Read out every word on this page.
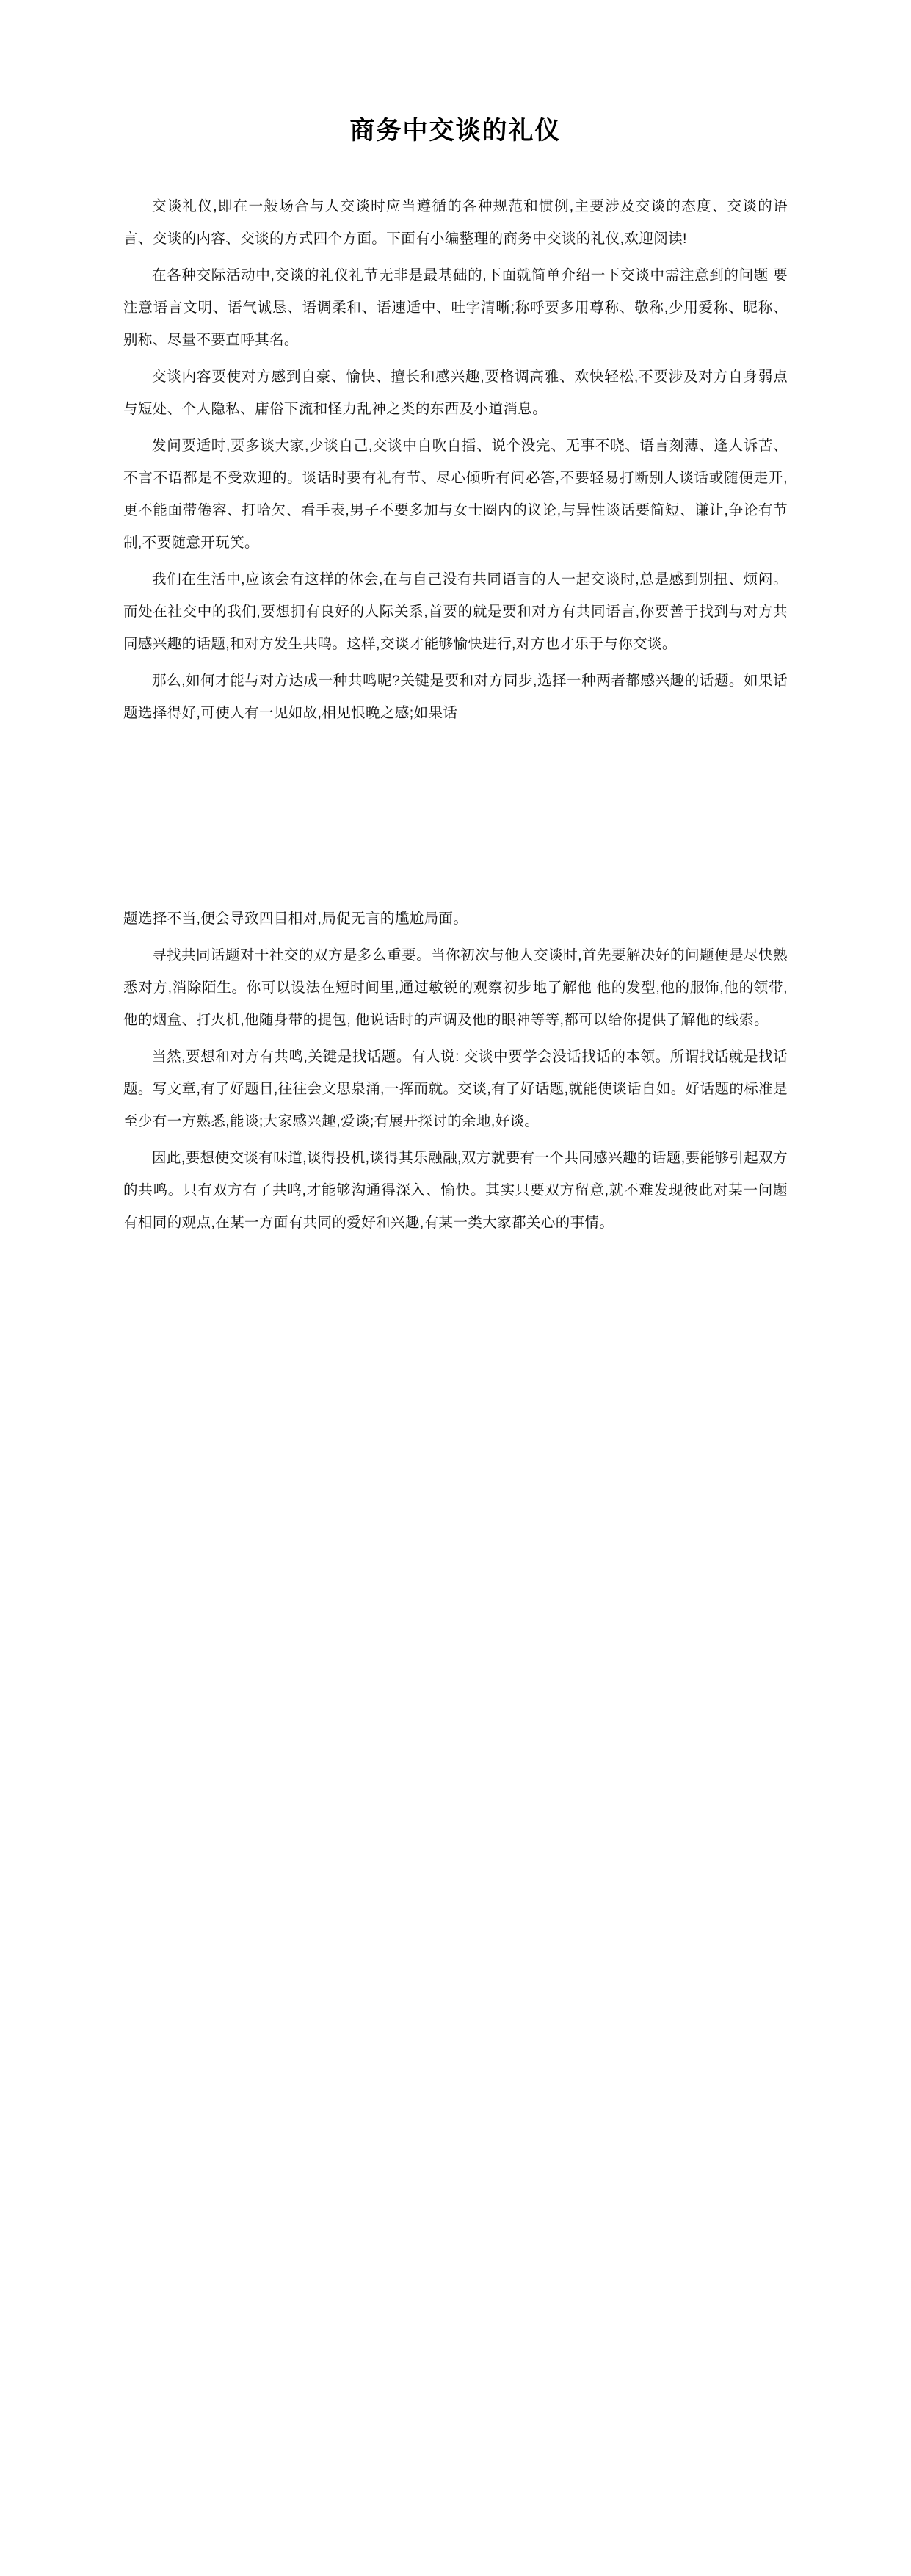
商务中交谈的礼仪

交谈礼仪,即在一般场合与人交谈时应当遵循的各种规范和惯例,主要涉及交谈的态度、交谈的语言、交谈的内容、交谈的方式四个方面。下面有小编整理的商务中交谈的礼仪,欢迎阅读!

在各种交际活动中,交谈的礼仪礼节无非是最基础的,下面就简单介绍一下交谈中需注意到的问题 要注意语言文明、语气诚恳、语调柔和、语速适中、吐字清晰;称呼要多用尊称、敬称,少用爱称、昵称、别称、尽量不要直呼其名。

交谈内容要使对方感到自豪、愉快、擅长和感兴趣,要格调高雅、欢快轻松,不要涉及对方自身弱点与短处、个人隐私、庸俗下流和怪力乱神之类的东西及小道消息。

发问要适时,要多谈大家,少谈自己,交谈中自吹自擂、说个没完、无事不晓、语言刻薄、逢人诉苦、不言不语都是不受欢迎的。谈话时要有礼有节、尽心倾听有问必答,不要轻易打断别人谈话或随便走开,更不能面带倦容、打哈欠、看手表,男子不要多加与女士圈内的议论,与异性谈话要简短、谦让,争论有节制,不要随意开玩笑。

我们在生活中,应该会有这样的体会,在与自己没有共同语言的人一起交谈时,总是感到别扭、烦闷。而处在社交中的我们,要想拥有良好的人际关系,首要的就是要和对方有共同语言,你要善于找到与对方共同感兴趣的话题,和对方发生共鸣。这样,交谈才能够愉快进行,对方也才乐于与你交谈。

那么,如何才能与对方达成一种共鸣呢?关键是要和对方同步,选择一种两者都感兴趣的话题。如果话题选择得好,可使人有一见如故,相见恨晚之感;如果话

题选择不当,便会导致四目相对,局促无言的尴尬局面。

寻找共同话题对于社交的双方是多么重要。当你初次与他人交谈时,首先要解决好的问题便是尽快熟悉对方,消除陌生。你可以设法在短时间里,通过敏锐的观察初步地了解他 他的发型,他的服饰,他的领带,他的烟盒、打火机,他随身带的提包, 他说话时的声调及他的眼神等等,都可以给你提供了解他的线索。

当然,要想和对方有共鸣,关键是找话题。有人说: 交谈中要学会没话找话的本领。所谓找话就是找话题。写文章,有了好题目,往往会文思泉涌,一挥而就。交谈,有了好话题,就能使谈话自如。好话题的标准是 至少有一方熟悉,能谈;大家感兴趣,爱谈;有展开探讨的余地,好谈。

因此,要想使交谈有味道,谈得投机,谈得其乐融融,双方就要有一个共同感兴趣的话题,要能够引起双方的共鸣。只有双方有了共鸣,才能够沟通得深入、愉快。其实只要双方留意,就不难发现彼此对某一问题有相同的观点,在某一方面有共同的爱好和兴趣,有某一类大家都关心的事情。
